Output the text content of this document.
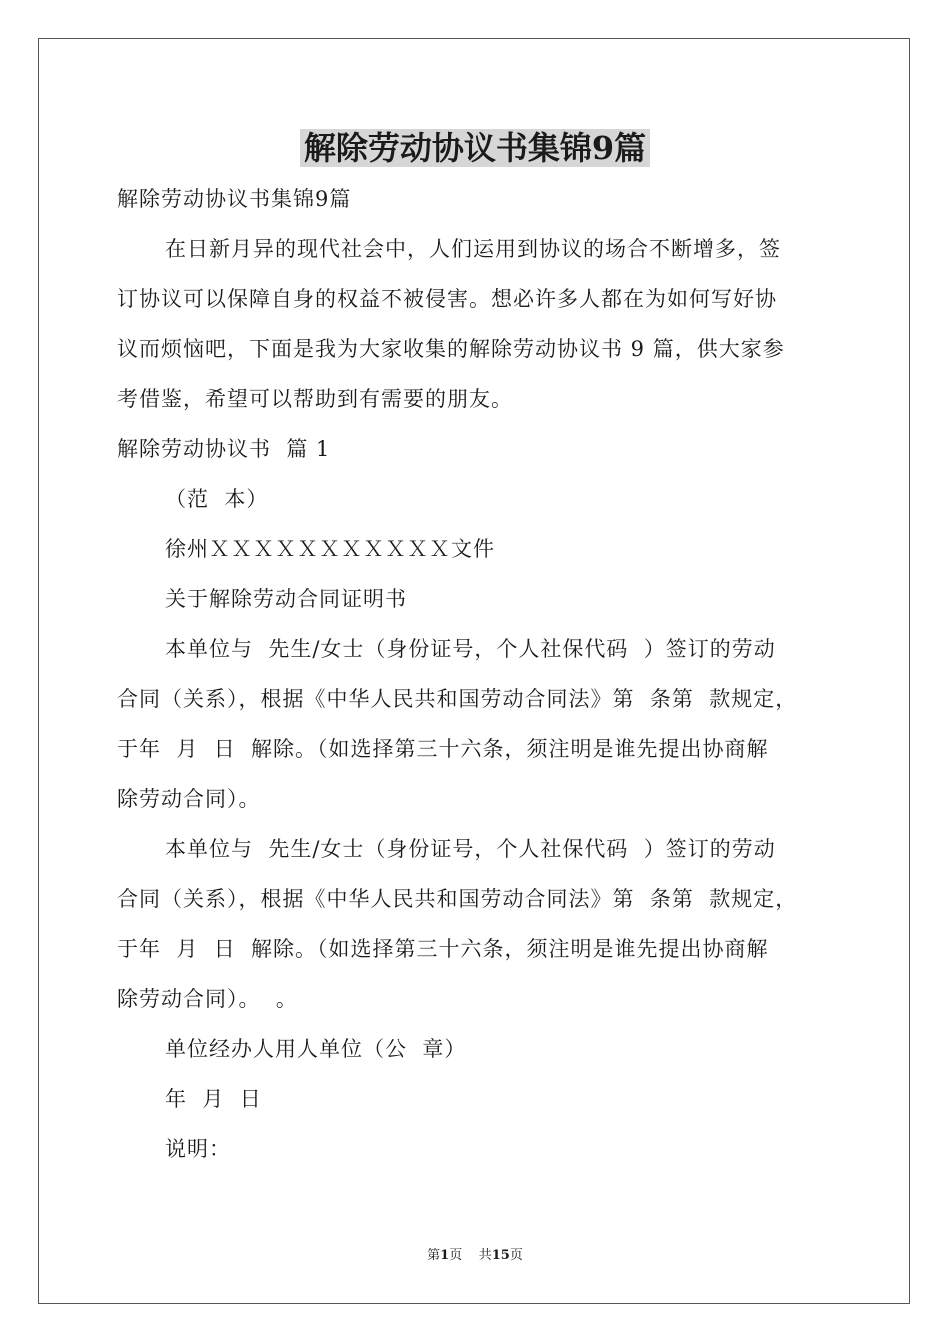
解除劳动协议书集锦9篇
解除劳动协议书集锦9篇
在日新月异的现代社会中，人们运用到协议的场合不断增多，签
订协议可以保障自身的权益不被侵害。想必许多人都在为如何写好协
议而烦恼吧，下面是我为大家收集的解除劳动协议书 9 篇，供大家参
考借鉴，希望可以帮助到有需要的朋友。
解除劳动协议书  篇 1
（范  本）
徐州ＸＸＸＸＸＸＸＸＸＸＸ文件
关于解除劳动合同证明书
本单位与  先生/女士（身份证号，个人社保代码  ）签订的劳动
合同（关系），根据《中华人民共和国劳动合同法》第  条第  款规定，
于年  月  日  解除。（如选择第三十六条，须注明是谁先提出协商解
除劳动合同）。
本单位与  先生/女士（身份证号，个人社保代码  ）签订的劳动
合同（关系），根据《中华人民共和国劳动合同法》第  条第  款规定，
于年  月  日  解除。（如选择第三十六条，须注明是谁先提出协商解
除劳动合同）。  。
单位经办人用人单位（公  章）
年  月  日
说明：
第1页    共15页
